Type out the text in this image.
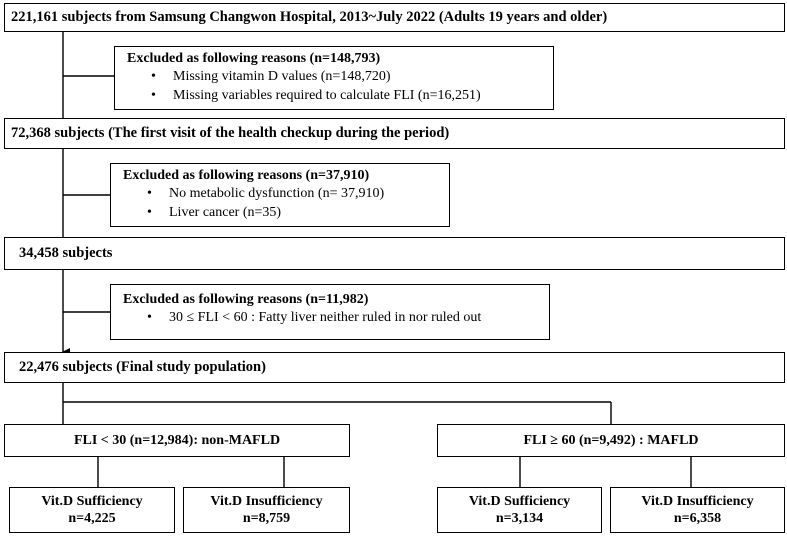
221,161 subjects from Samsung Changwon Hospital, 2013~July 2022 (Adults 19 years and older)
Excluded as following reasons (n=148,793)
• Missing vitamin D values (n=148,720)
• Missing variables required to calculate FLI (n=16,251)
72,368 subjects (The first visit of the health checkup during the period)
Excluded as following reasons (n=37,910)
• No metabolic dysfunction (n= 37,910)
• Liver cancer (n=35)
34,458 subjects
Excluded as following reasons (n=11,982)
• 30 ≤ FLI < 60 : Fatty liver neither ruled in nor ruled out
22,476 subjects (Final study population)
FLI < 30 (n=12,984): non-MAFLD	FLI ≥ 60 (n=9,492) : MAFLD
Vit.D Sufficiency
n=4,225
Vit.D Insufficiency
n=8,759
Vit.D Sufficiency
n=3,134
Vit.D Insufficiency
n=6,358
